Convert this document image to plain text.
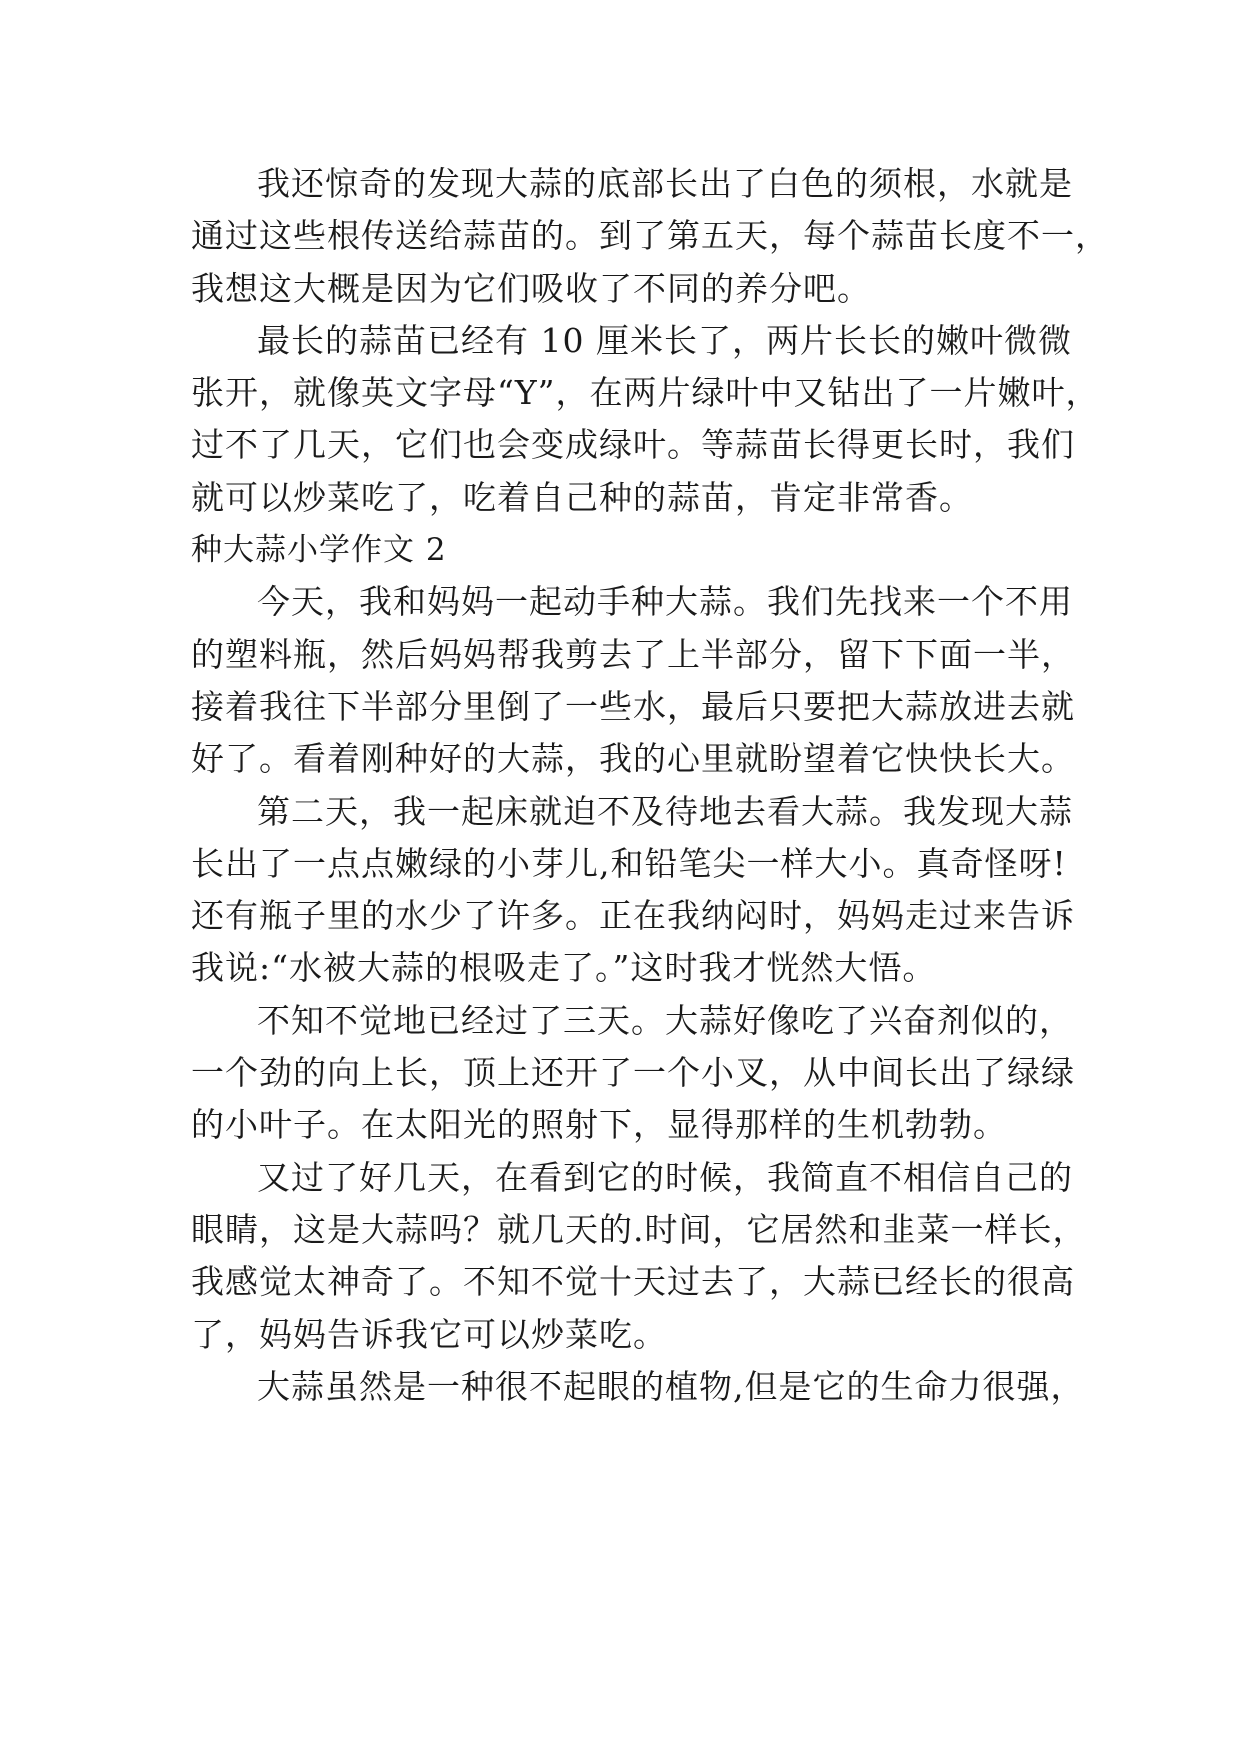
我还惊奇的发现大蒜的底部长出了白色的须根，水就是
通过这些根传送给蒜苗的。到了第五天，每个蒜苗长度不一，
我想这大概是因为它们吸收了不同的养分吧。
最长的蒜苗已经有 10 厘米长了，两片长长的嫩叶微微
张开，就像英文字母“Y”，在两片绿叶中又钻出了一片嫩叶，
过不了几天，它们也会变成绿叶。等蒜苗长得更长时，我们
就可以炒菜吃了，吃着自己种的蒜苗，肯定非常香。
种大蒜小学作文 2
今天，我和妈妈一起动手种大蒜。我们先找来一个不用
的塑料瓶，然后妈妈帮我剪去了上半部分，留下下面一半，
接着我往下半部分里倒了一些水，最后只要把大蒜放进去就
好了。看着刚种好的大蒜，我的心里就盼望着它快快长大。
第二天，我一起床就迫不及待地去看大蒜。我发现大蒜
长出了一点点嫩绿的小芽儿,和铅笔尖一样大小。真奇怪呀!
还有瓶子里的水少了许多。正在我纳闷时，妈妈走过来告诉
我说:“水被大蒜的根吸走了。”这时我才恍然大悟。
不知不觉地已经过了三天。大蒜好像吃了兴奋剂似的，
一个劲的向上长，顶上还开了一个小叉，从中间长出了绿绿
的小叶子。在太阳光的照射下，显得那样的生机勃勃。
又过了好几天，在看到它的时候，我简直不相信自己的
眼睛，这是大蒜吗？就几天的.时间，它居然和韭菜一样长，
我感觉太神奇了。不知不觉十天过去了，大蒜已经长的很高
了，妈妈告诉我它可以炒菜吃。
大蒜虽然是一种很不起眼的植物,但是它的生命力很强，
